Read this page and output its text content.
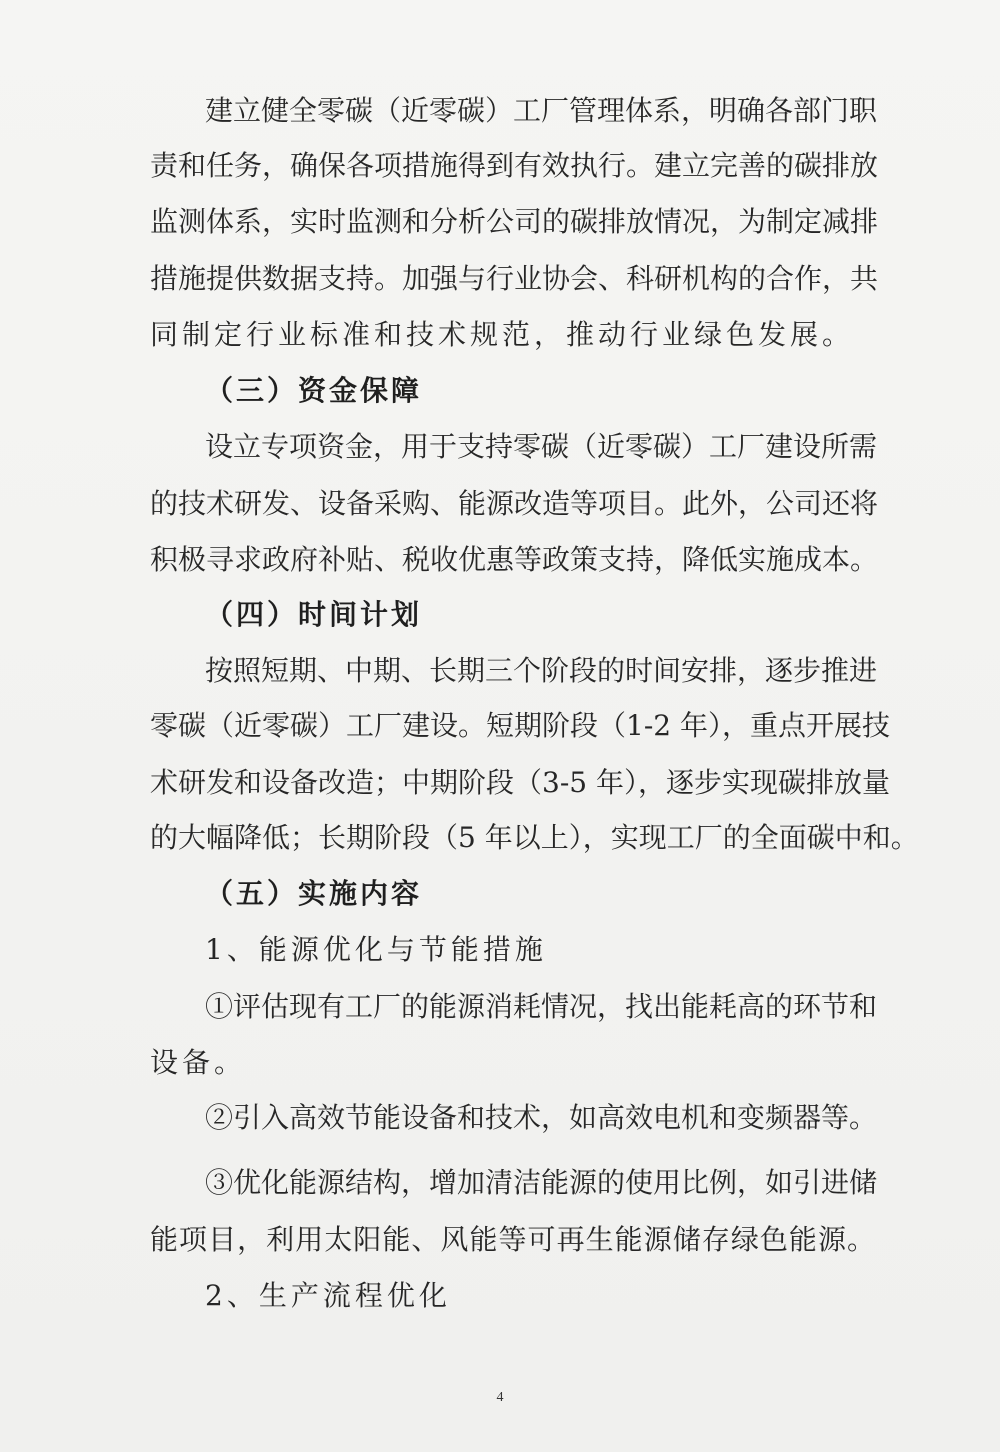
建立健全零碳（近零碳）工厂管理体系，明确各部门职
责和任务，确保各项措施得到有效执行。建立完善的碳排放
监测体系，实时监测和分析公司的碳排放情况，为制定减排
措施提供数据支持。加强与行业协会、科研机构的合作，共
同制定行业标准和技术规范，推动行业绿色发展。
（三）资金保障
设立专项资金，用于支持零碳（近零碳）工厂建设所需
的技术研发、设备采购、能源改造等项目。此外，公司还将
积极寻求政府补贴、税收优惠等政策支持，降低实施成本。
（四）时间计划
按照短期、中期、长期三个阶段的时间安排，逐步推进
零碳（近零碳）工厂建设。短期阶段（1-2 年），重点开展技
术研发和设备改造；中期阶段（3-5 年），逐步实现碳排放量
的大幅降低；长期阶段（5 年以上），实现工厂的全面碳中和。
（五）实施内容
1、能源优化与节能措施
①评估现有工厂的能源消耗情况，找出能耗高的环节和
设备。
②引入高效节能设备和技术，如高效电机和变频器等。
③优化能源结构，增加清洁能源的使用比例，如引进储
能项目，利用太阳能、风能等可再生能源储存绿色能源。
2、生产流程优化
4
